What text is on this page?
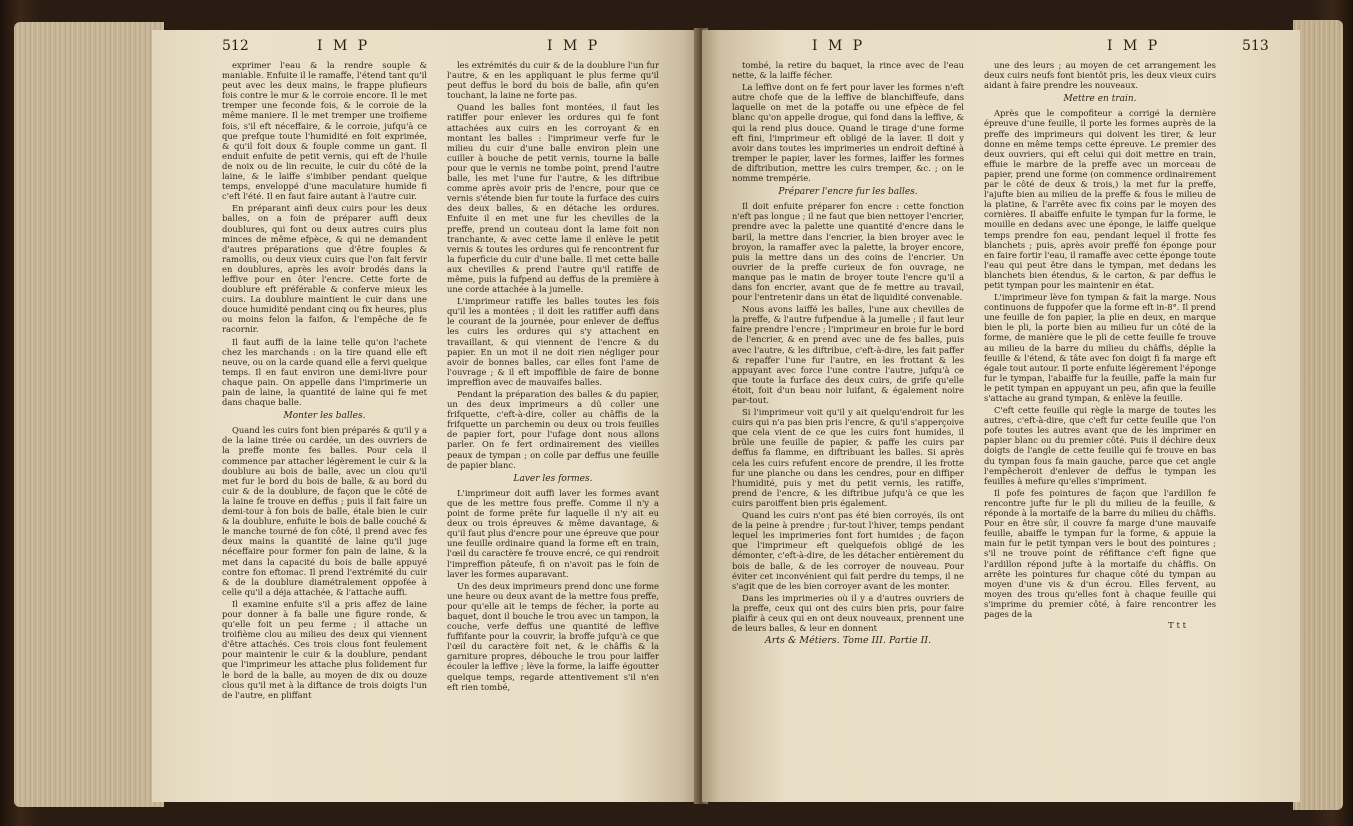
512	I M P	I M P

exprimer l'eau & la rendre souple & maniable. Enfuite il le ramaffe, l'étend tant qu'il peut avec les deux mains, le frappe plufieurs fois contre le mur & le corroie encore. Il le met tremper une feconde fois, & le corroie de la même maniere. Il le met tremper une troifieme fois, s'il eft néceffaire, & le corroie, jufqu'à ce que prefque toute l'humidité en foit exprimée, & qu'il foit doux & fouple comme un gant. Il enduit enfuite de petit vernis, qui eft de l'huile de noix ou de lin recuite, le cuir du côté de la laine, & le laiffe s'imbiber pendant quelque temps, enveloppé d'une maculature humide fi c'eft l'été. Il en faut faire autant à l'autre cuir.

En préparant ainfi deux cuirs pour les deux balles, on a foin de préparer auffi deux doublures, qui font ou deux autres cuirs plus minces de même efpèce, & qui ne demandent d'autres préparations que d'être fouples & ramollis, ou deux vieux cuirs que l'on fait fervir en doublures, après les avoir brodés dans la leffive pour en ôter l'encre. Cette forte de doublure eft préférable & conferve mieux les cuirs. La doublure maintient le cuir dans une douce humidité pendant cinq ou fix heures, plus ou moins felon la faifon, & l'empêche de fe racornir.

Il faut auffi de la laine telle qu'on l'achete chez les marchands : on la tire quand elle eft neuve, ou on la carde quand elle a fervi quelque temps. Il en faut environ une demi-livre pour chaque pain. On appelle dans l'imprimerie un pain de laine, la quantité de laine qui fe met dans chaque balle.

Monter les balles.

Quand les cuirs font bien préparés & qu'il y a de la laine tirée ou cardée, un des ouvriers de la preffe monte fes balles. Pour cela il commence par attacher légèrement le cuir & la doublure au bois de balle, avec un clou qu'il met fur le bord du bois de balle, & au bord du cuir & de la doublure, de façon que le côté de la laine fe trouve en deffus ; puis il fait faire un demi-tour à fon bois de balle, étale bien le cuir & la doublure, enfuite le bois de balle couché & le manche tourné de fon côté, il prend avec fes deux mains la quantité de laine qu'il juge néceffaire pour former fon pain de laine, & la met dans la capacité du bois de balle appuyé contre fon eftomac. Il prend l'extrémité du cuir & de la doublure diamétralement oppofée à celle qu'il a déja attachée, & l'attache auffi.

Il examine enfuite s'il a pris affez de laine pour donner à fa balle une figure ronde, & qu'elle foit un peu ferme ; il attache un troifième clou au milieu des deux qui viennent d'être attachés. Ces trois clous font feulement pour maintenir le cuir & la doublure, pendant que l'imprimeur les attache plus folidement fur le bord de la balle, au moyen de dix ou douze clous qu'il met à la diftance de trois doigts l'un de l'autre, en pliffant

les extrémités du cuir & de la doublure l'un fur l'autre, & en les appliquant le plus ferme qu'il peut deffus le bord du bois de balle, afin qu'en touchant, la laine ne forte pas.

Quand les balles font montées, il faut les ratiffer pour enlever les ordures qui fe font attachées aux cuirs en les corroyant & en montant les balles : l'imprimeur verfe fur le milieu du cuir d'une balle environ plein une cuiller à bouche de petit vernis, tourne la balle pour que le vernis ne tombe point, prend l'autre balle, les met l'une fur l'autre, & les diftribue comme après avoir pris de l'encre, pour que ce vernis s'étende bien fur toute la furface des cuirs des deux balles, & en détache les ordures. Enfuite il en met une fur les chevilles de la preffe, prend un couteau dont la lame foit non tranchante, & avec cette lame il enlève le petit vernis & toutes les ordures qui fe rencontrent fur la fuperficie du cuir d'une balle. Il met cette balle aux chevilles & prend l'autre qu'il ratiffe de même, puis la fufpend au deffus de la première à une corde attachée à la jumelle.

L'imprimeur ratiffe les balles toutes les fois qu'il les a montées ; il doit les ratiffer auffi dans le courant de la journée, pour enlever de deffus les cuirs les ordures qui s'y attachent en travaillant, & qui viennent de l'encre & du papier. En un mot il ne doit rien négliger pour avoir de bonnes balles, car elles font l'ame de l'ouvrage ; & il eft impoffible de faire de bonne impreffion avec de mauvaifes balles.

Pendant la préparation des balles & du papier, un des deux imprimeurs a dû coller une frifquette, c'eft-à-dire, coller au châffis de la frifquette un parchemin ou deux ou trois feuilles de papier fort, pour l'ufage dont nous allons parler. On fe fert ordinairement des vieilles peaux de tympan ; on colle par deffus une feuille de papier blanc.

Laver les formes.

L'imprimeur doit auffi laver les formes avant que de les mettre fous preffe. Comme il n'y a point de forme prête fur laquelle il n'y ait eu deux ou trois épreuves & même davantage, & qu'il faut plus d'encre pour une épreuve que pour une feuille ordinaire quand la forme eft en train, l'œil du caractère fe trouve encré, ce qui rendroit l'impreffion pâteufe, fi on n'avoit pas le foin de laver les formes auparavant.

Un des deux imprimeurs prend donc une forme une heure ou deux avant de la mettre fous preffe, pour qu'elle ait le temps de fécher, la porte au baquet, dont il bouche le trou avec un tampon, la couche, verfe deffus une quantité de leffive fuffifante pour la couvrir, la broffe jufqu'à ce que l'œil du caractère foit net, & le châffis & la garniture propres, débouche le trou pour laiffer écouler la leffive ; lève la forme, la laiffe égoutter quelque temps, regarde attentivement s'il n'en eft rien tombé,

I M P	I M P	513

tombé, la retire du baquet, la rince avec de l'eau nette, & la laiffe fécher.

La leffive dont on fe fert pour laver les formes n'eft autre chofe que de la leffive de blanchiffeufe, dans laquelle on met de la potaffe ou une efpèce de fel blanc qu'on appelle drogue, qui fond dans la leffive, & qui la rend plus douce. Quand le tirage d'une forme eft fini, l'imprimeur eft obligé de la laver. Il doit y avoir dans toutes les imprimeries un endroit deftiné à tremper le papier, laver les formes, laiffer les formes de diftribution, mettre les cuirs tremper, &c. ; on le nomme trempérie.

Préparer l'encre fur les balles.

Il doit enfuite préparer fon encre : cette fonction n'eft pas longue ; il ne faut que bien nettoyer l'encrier, prendre avec la palette une quantité d'encre dans le baril, la mettre dans l'encrier, la bien broyer avec le broyon, la ramaffer avec la palette, la broyer encore, puis la mettre dans un des coins de l'encrier. Un ouvrier de la preffe curieux de fon ouvrage, ne manque pas le matin de broyer toute l'encre qu'il a dans fon encrier, avant que de fe mettre au travail, pour l'entretenir dans un état de liquidité convenable.

Nous avons laiffé les balles, l'une aux chevilles de la preffe, & l'autre fufpendue à la jumelle ; il faut leur faire prendre l'encre ; l'imprimeur en broie fur le bord de l'encrier, & en prend avec une de fes balles, puis avec l'autre, & les diftribue, c'eft-à-dire, les fait paffer & repaffer l'une fur l'autre, en les frottant & les appuyant avec force l'une contre l'autre, jufqu'à ce que toute la furface des deux cuirs, de grife qu'elle étoit, foit d'un beau noir luifant, & également noire par-tout.

Si l'imprimeur voit qu'il y ait quelqu'endroit fur les cuirs qui n'a pas bien pris l'encre, & qu'il s'apperçoive que cela vient de ce que les cuirs font humides, il brûle une feuille de papier, & paffe les cuirs par deffus fa flamme, en diftribuant les balles. Si après cela les cuirs refufent encore de prendre, il les frotte fur une planche ou dans les cendres, pour en diffiper l'humidité, puis y met du petit vernis, les ratiffe, prend de l'encre, & les diftribue jufqu'à ce que les cuirs paroiffent bien pris également.

Quand les cuirs n'ont pas été bien corroyés, ils ont de la peine à prendre ; fur-tout l'hiver, temps pendant lequel les imprimeries font fort humides ; de façon que l'imprimeur eft quelquefois obligé de les démonter, c'eft-à-dire, de les détacher entièrement du bois de balle, & de les corroyer de nouveau. Pour éviter cet inconvénient qui fait perdre du temps, il ne s'agit que de les bien corroyer avant de les monter.

Dans les imprimeries où il y a d'autres ouvriers de la preffe, ceux qui ont des cuirs bien pris, pour faire plaifir à ceux qui en ont deux nouveaux, prennent une de leurs balles, & leur en donnent

Arts & Métiers. Tome III. Partie II.

une des leurs ; au moyen de cet arrangement les deux cuirs neufs font bientôt pris, les deux vieux cuirs aidant à faire prendre les nouveaux.

Mettre en train.

Après que le compofiteur a corrigé la dernière épreuve d'une feuille, il porte les formes auprès de la preffe des imprimeurs qui doivent les tirer, & leur donne en même temps cette épreuve. Le premier des deux ouvriers, qui eft celui qui doit mettre en train, effuie le marbre de la preffe avec un morceau de papier, prend une forme (on commence ordinairement par le côté de deux & trois,) la met fur la preffe, l'ajufte bien au milieu de la preffe & fous le milieu de la platine, & l'arrête avec fix coins par le moyen des cornières. Il abaiffe enfuite le tympan fur la forme, le mouille en dedans avec une éponge, le laiffe quelque temps prendre fon eau, pendant lequel il frotte fes blanchets ; puis, après avoir preffé fon éponge pour en faire fortir l'eau, il ramaffe avec cette éponge toute l'eau qui peut être dans le tympan, met dedans les blanchets bien étendus, & le carton, & par deffus le petit tympan pour les maintenir en état.

L'imprimeur lève fon tympan & fait la marge. Nous continuons de fuppofer que la forme eft in-8°. Il prend une feuille de fon papier, la plie en deux, en marque bien le pli, la porte bien au milieu fur un côté de la forme, de manière que le pli de cette feuille fe trouve au milieu de la barre du milieu du châffis, déplie la feuille & l'étend, & tâte avec fon doigt fi fa marge eft égale tout autour. Il porte enfuite légèrement l'éponge fur le tympan, l'abaiffe fur la feuille, paffe la main fur le petit tympan en appuyant un peu, afin que la feuille s'attache au grand tympan, & enlève la feuille.

C'eft cette feuille qui règle la marge de toutes les autres, c'eft-à-dire, que c'eft fur cette feuille que l'on pofe toutes les autres avant que de les imprimer en papier blanc ou du premier côté. Puis il déchire deux doigts de l'angle de cette feuille qui fe trouve en bas du tympan fous fa main gauche, parce que cet angle l'empêcheroit d'enlever de deffus le tympan les feuilles à mefure qu'elles s'impriment.

Il pofe fes pointures de façon que l'ardillon fe rencontre jufte fur le pli du milieu de la feuille, & réponde à la mortaife de la barre du milieu du châffis. Pour en être sûr, il couvre fa marge d'une mauvaife feuille, abaiffe le tympan fur la forme, & appuie la main fur le petit tympan vers le bout des pointures ; s'il ne trouve point de réfiftance c'eft figne que l'ardillon répond jufte à la mortaife du châffis. On arrête les pointures fur chaque côté du tympan au moyen d'une vis & d'un écrou. Elles fervent, au moyen des trous qu'elles font à chaque feuille qui s'imprime du premier côté, à faire rencontrer les pages de la

T t t
